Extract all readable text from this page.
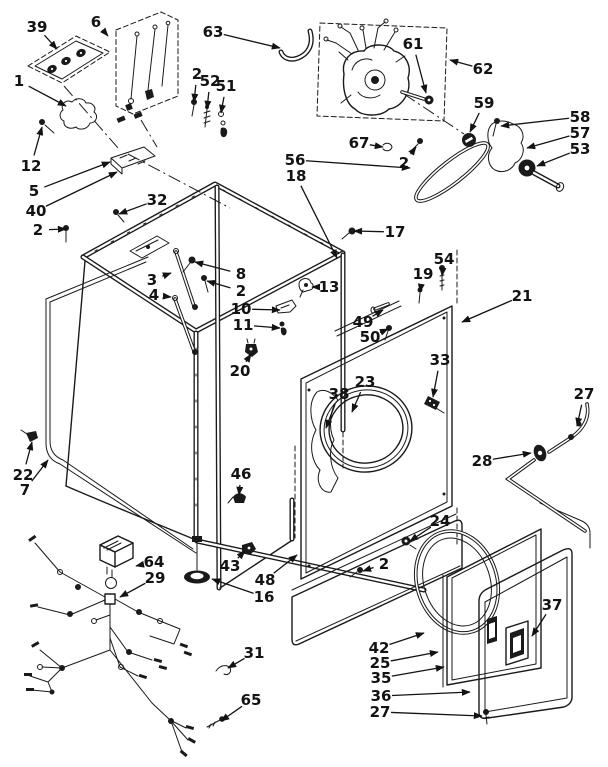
39	6
63
2
52
51
61
62
59
58
57
53
67
2
56
18
17
1
12
5
40
2
32
8
2
3
4	13
10
11
20
19
54
49
50
21
33
23
38	27
28
22
7
46
64
29
43
48
16
24
2
31
65
42
25
35
36
27
37
